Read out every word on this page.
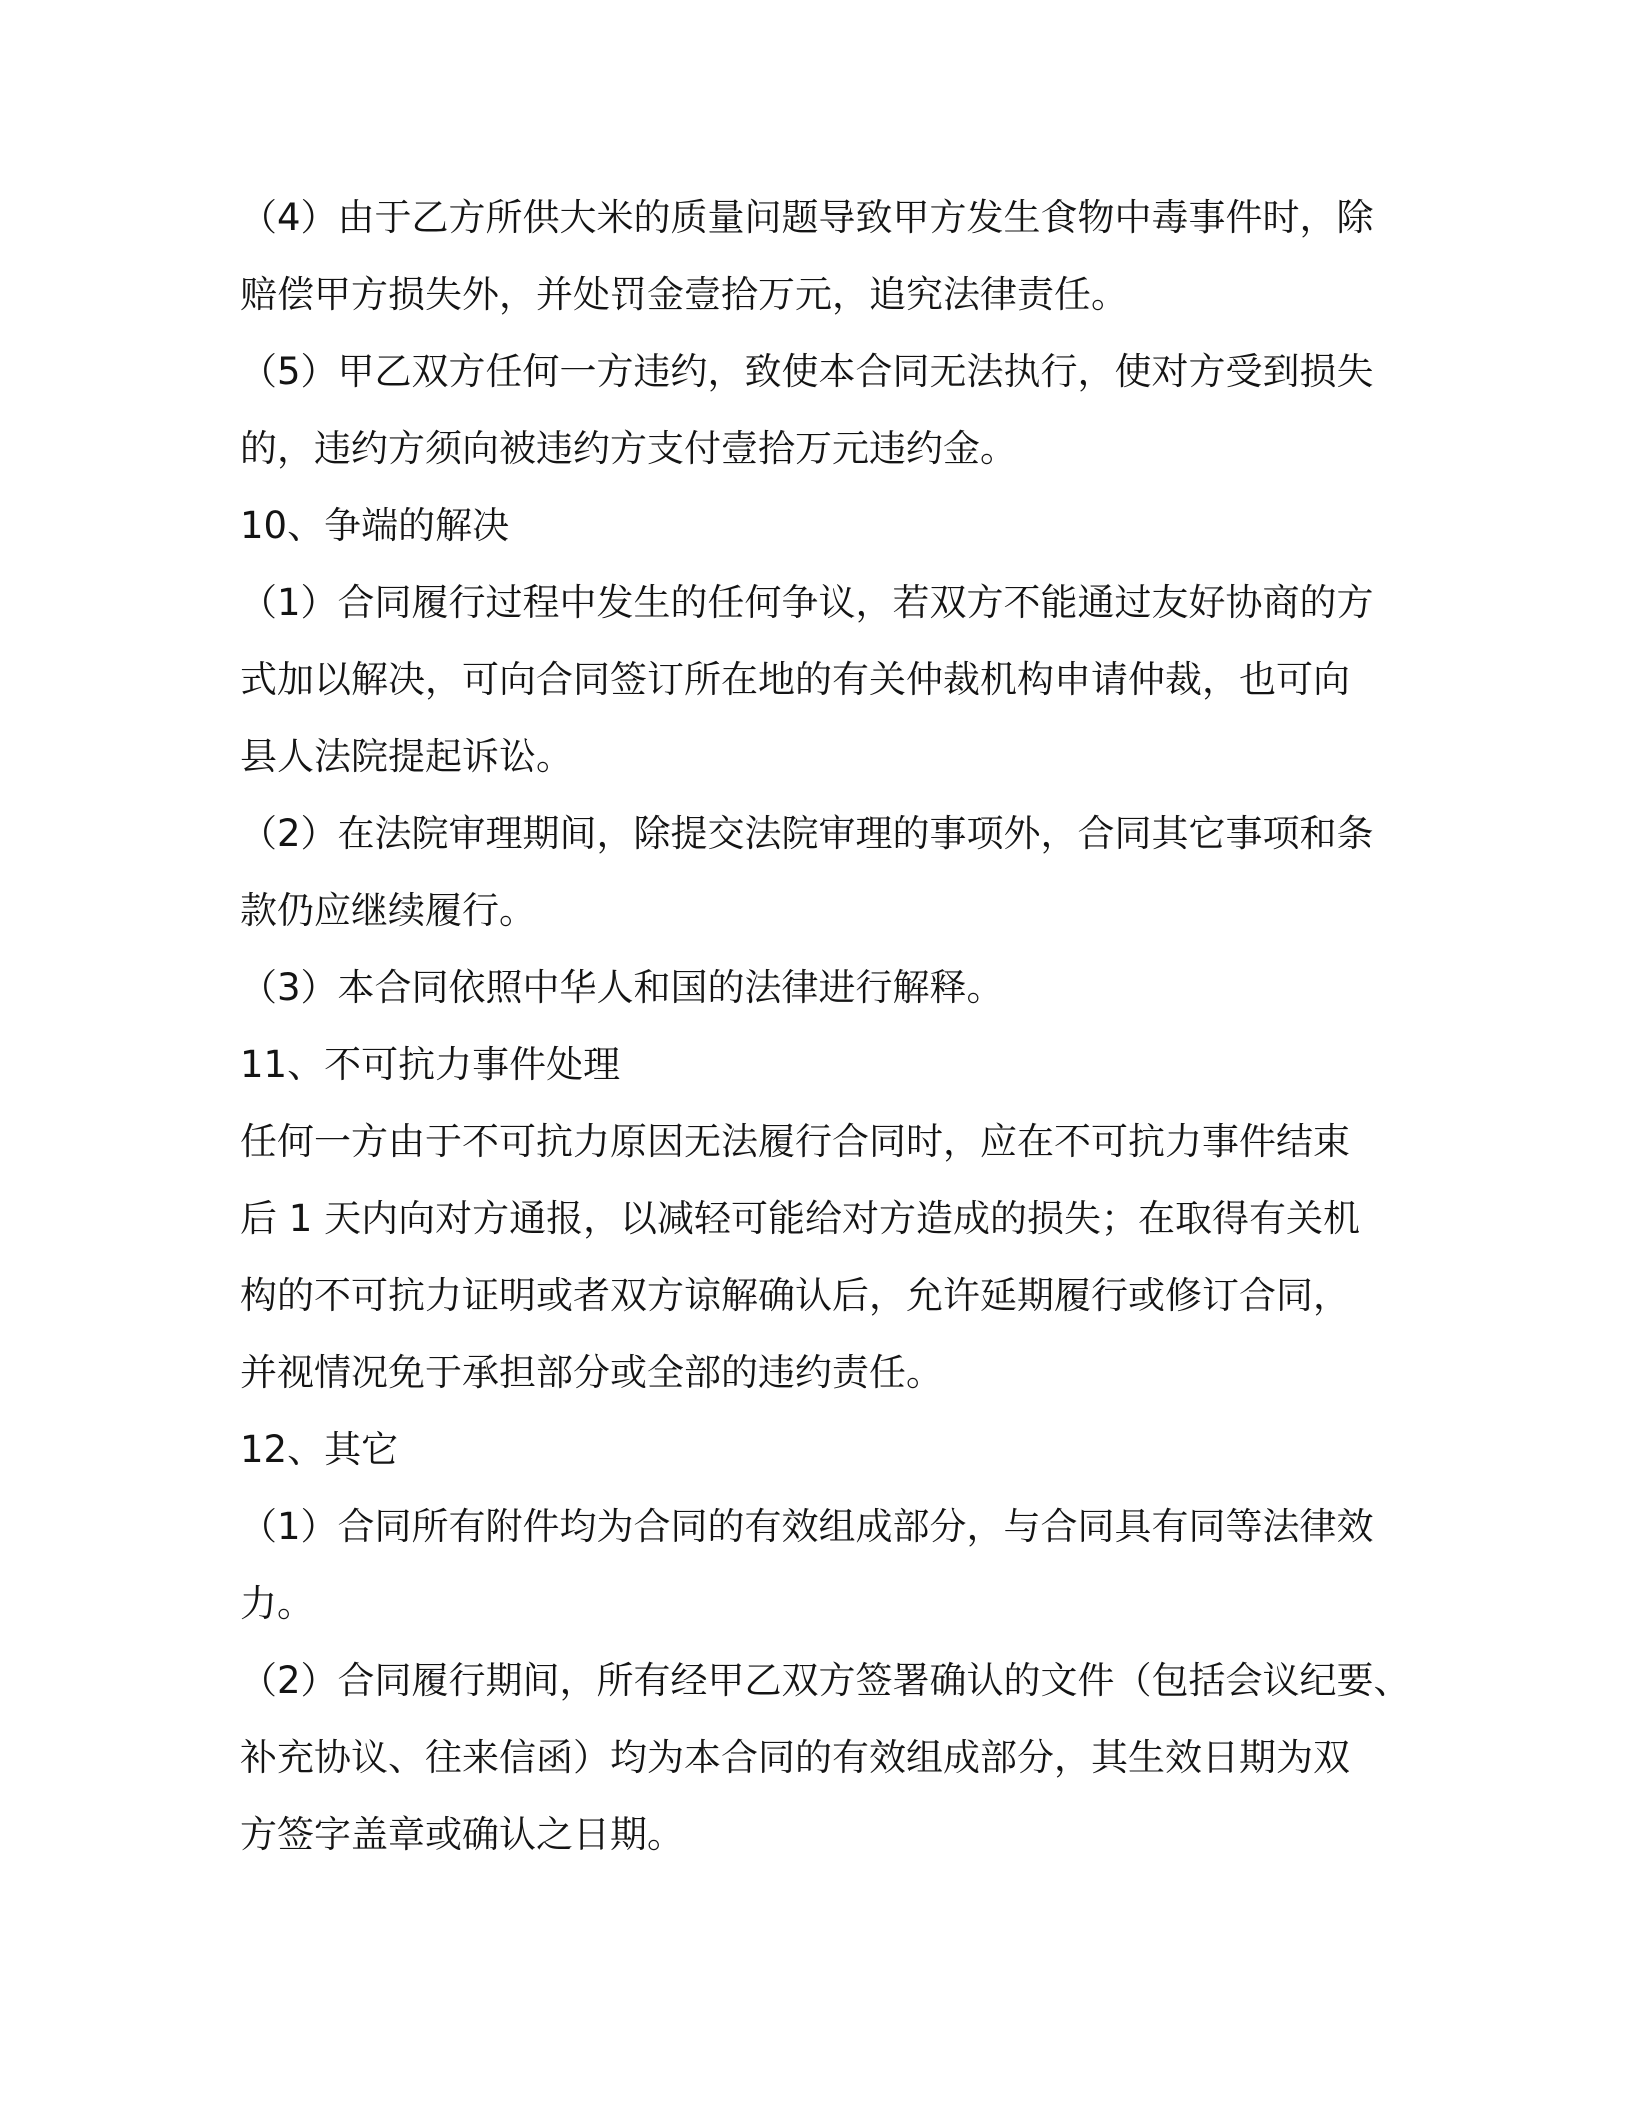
（4）由于乙方所供大米的质量问题导致甲方发生食物中毒事件时，除
赔偿甲方损失外，并处罚金壹拾万元，追究法律责任。
（5）甲乙双方任何一方违约，致使本合同无法执行，使对方受到损失
的，违约方须向被违约方支付壹拾万元违约金。
10、争端的解决
（1）合同履行过程中发生的任何争议，若双方不能通过友好协商的方
式加以解决，可向合同签订所在地的有关仲裁机构申请仲裁，也可向
县人法院提起诉讼。
（2）在法院审理期间，除提交法院审理的事项外，合同其它事项和条
款仍应继续履行。
（3）本合同依照中华人和国的法律进行解释。
11、不可抗力事件处理
任何一方由于不可抗力原因无法履行合同时，应在不可抗力事件结束
后 1 天内向对方通报，以减轻可能给对方造成的损失；在取得有关机
构的不可抗力证明或者双方谅解确认后，允许延期履行或修订合同，
并视情况免于承担部分或全部的违约责任。
12、其它
（1）合同所有附件均为合同的有效组成部分，与合同具有同等法律效
力。
（2）合同履行期间，所有经甲乙双方签署确认的文件（包括会议纪要、
补充协议、往来信函）均为本合同的有效组成部分，其生效日期为双
方签字盖章或确认之日期。
